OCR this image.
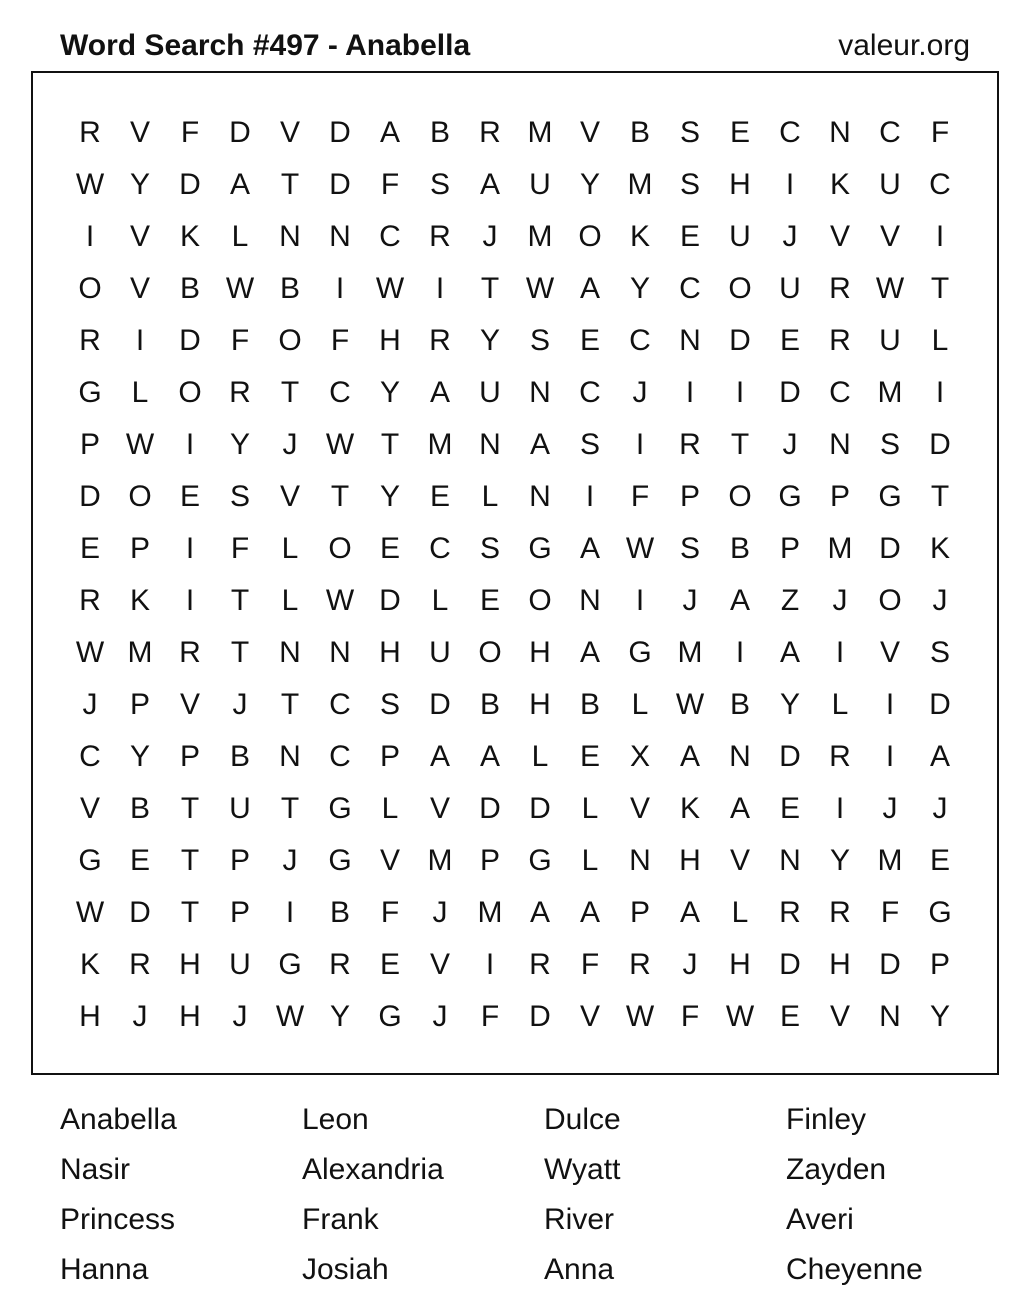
Word Search #497 - Anabella	valeur.org
R V	F	D V D A B R M V B S E C N C	F
W Y D A	T	D	F	S A U Y M S H	I	K U C
I	V K	L	N N C R	J	M O K E U	J	V V	I
O V B W B	I	W	I	T W A Y C O U R W T
R	I	D	F O F	H R Y S E C N D E R U	L
G L O R	T	C Y A U N C	J	I	I	D C M	I
P W	I	Y	J W T M N A S	I	R	T	J	N S D
D O E S V	T	Y E	L	N	I	F	P O G P G T
E P	I	F	L O E C S G A W S B P M D K
R K	I	T	L W D	L	E O N	I	J	A	Z	J	O	J
W M R	T	N N H U O H A G M	I	A	I	V S
J	P V	J	T	C S D B H B	L W B Y	L	I	D
C Y P B N C P A A	L	E X A N D R	I	A
V B	T	U	T G L	V D D	L	V K A E	I	J	J
G E	T	P	J	G V M P G L	N H V N Y M E
W D	T	P	I	B	F	J	M A A P A	L	R R	F G
K R H U G R E V	I	R	F	R	J	H D H D P
H	J	H	J W Y G	J	F	D V W F W E V N Y
Anabella	Leon	Dulce	Finley
Nasir	Alexandria	Wyatt	Zayden
Princess	Frank	River	Averi
Hanna	Josiah	Anna	Cheyenne
